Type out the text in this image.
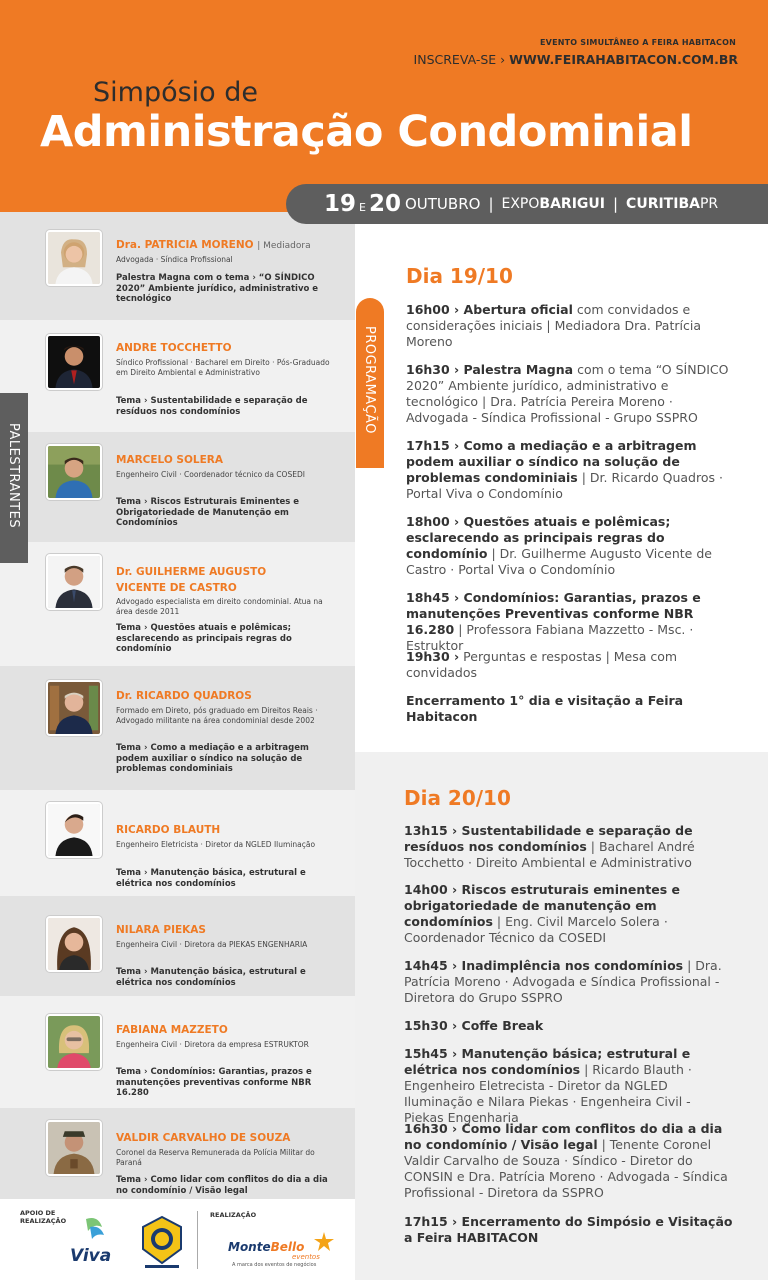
EVENTO SIMULTÂNEO A FEIRA HABITACON
INSCREVA-SE › WWW.FEIRAHABITACON.COM.BR
Simpósio de
Administração Condominial
19 E 20 OUTUBRO | EXPOBARIGUI | CURITIBAPR
Dra. PATRICIA MORENO | Mediadora
Advogada · Síndica Profissional
Palestra Magna com o tema › “O SÍNDICO 2020” Ambiente jurídico, administrativo e tecnológico
ANDRE TOCCHETTO
Síndico Profissional · Bacharel em Direito · Pós-Graduado em Direito Ambiental e Administrativo
Tema › Sustentabilidade e separação de resíduos nos condomínios
MARCELO SOLERA
Engenheiro Civil · Coordenador técnico da COSEDI
Tema › Riscos Estruturais Eminentes e Obrigatoriedade de Manutenção em Condomínios
Dr. GUILHERME AUGUSTO VICENTE DE CASTRO
Advogado especialista em direito condominial. Atua na área desde 2011
Tema › Questões atuais e polêmicas; esclarecendo as principais regras do condomínio
Dr. RICARDO QUADROS
Formado em Direto, pós graduado em Direitos Reais · Advogado militante na área condominial desde 2002
Tema › Como a mediação e a arbitragem podem auxiliar o síndico na solução de problemas condominiais
RICARDO BLAUTH
Engenheiro Eletricista · Diretor da NGLED Iluminação
Tema › Manutenção básica, estrutural e elétrica nos condomínios
NILARA PIEKAS
Engenheira Civil · Diretora da PIEKAS ENGENHARIA
Tema › Manutenção básica, estrutural e elétrica nos condomínios
FABIANA MAZZETO
Engenheira Civil · Diretora da empresa ESTRUKTOR
Tema › Condomínios: Garantias, prazos e manutenções preventivas conforme NBR 16.280
VALDIR CARVALHO DE SOUZA
Coronel da Reserva Remunerada da Polícia Militar do Paraná
Tema › Como lidar com conflitos do dia a dia no condomínio / Visão legal
PALESTRANTES
PROGRAMAÇÃO
Dia 19/10
16h00 › Abertura oficial com convidados e considerações iniciais | Mediadora Dra. Patrícia Moreno
16h30 › Palestra Magna com o tema “O SÍNDICO 2020” Ambiente jurídico, administrativo e tecnológico | Dra. Patrícia Pereira Moreno · Advogada - Síndica Profissional - Grupo SSPRO
17h15 › Como a mediação e a arbitragem podem auxiliar o síndico na solução de problemas condominiais | Dr. Ricardo Quadros · Portal Viva o Condomínio
18h00 › Questões atuais e polêmicas; esclarecendo as principais regras do condomínio | Dr. Guilherme Augusto Vicente de Castro · Portal Viva o Condomínio
18h45 › Condomínios: Garantias, prazos e manutenções Preventivas conforme NBR 16.280 | Professora Fabiana Mazzetto - Msc. · Estruktor
19h30 › Perguntas e respostas | Mesa com convidados
Encerramento 1° dia e visitação a Feira Habitacon
Dia 20/10
13h15 › Sustentabilidade e separação de resíduos nos condomínios | Bacharel André Tocchetto · Direito Ambiental e Administrativo
14h00 › Riscos estruturais eminentes e obrigatoriedade de manutenção em condomínios | Eng. Civil Marcelo Solera · Coordenador Técnico da COSEDI
14h45 › Inadimplência nos condomínios | Dra. Patrícia Moreno · Advogada e Síndica Profissional - Diretora do Grupo SSPRO
15h30 › Coffe Break
15h45 › Manutenção básica; estrutural e elétrica nos condomínios | Ricardo Blauth · Engenheiro Eletrecista - Diretor da NGLED Iluminação e Nilara Piekas · Engenheira Civil - Piekas Engenharia
16h30 › Como lidar com conflitos do dia a dia no condomínio / Visão legal | Tenente Coronel Valdir Carvalho de Souza · Síndico - Diretor do CONSIN e Dra. Patrícia Moreno · Advogada - Síndica Profissional - Diretora da SSPRO
17h15 › Encerramento do Simpósio e Visitação a Feira HABITACON
APOIO DE REALIZAÇÃO
Viva
REALIZAÇÃO
MonteBello
eventos
A marca dos eventos de negócios
